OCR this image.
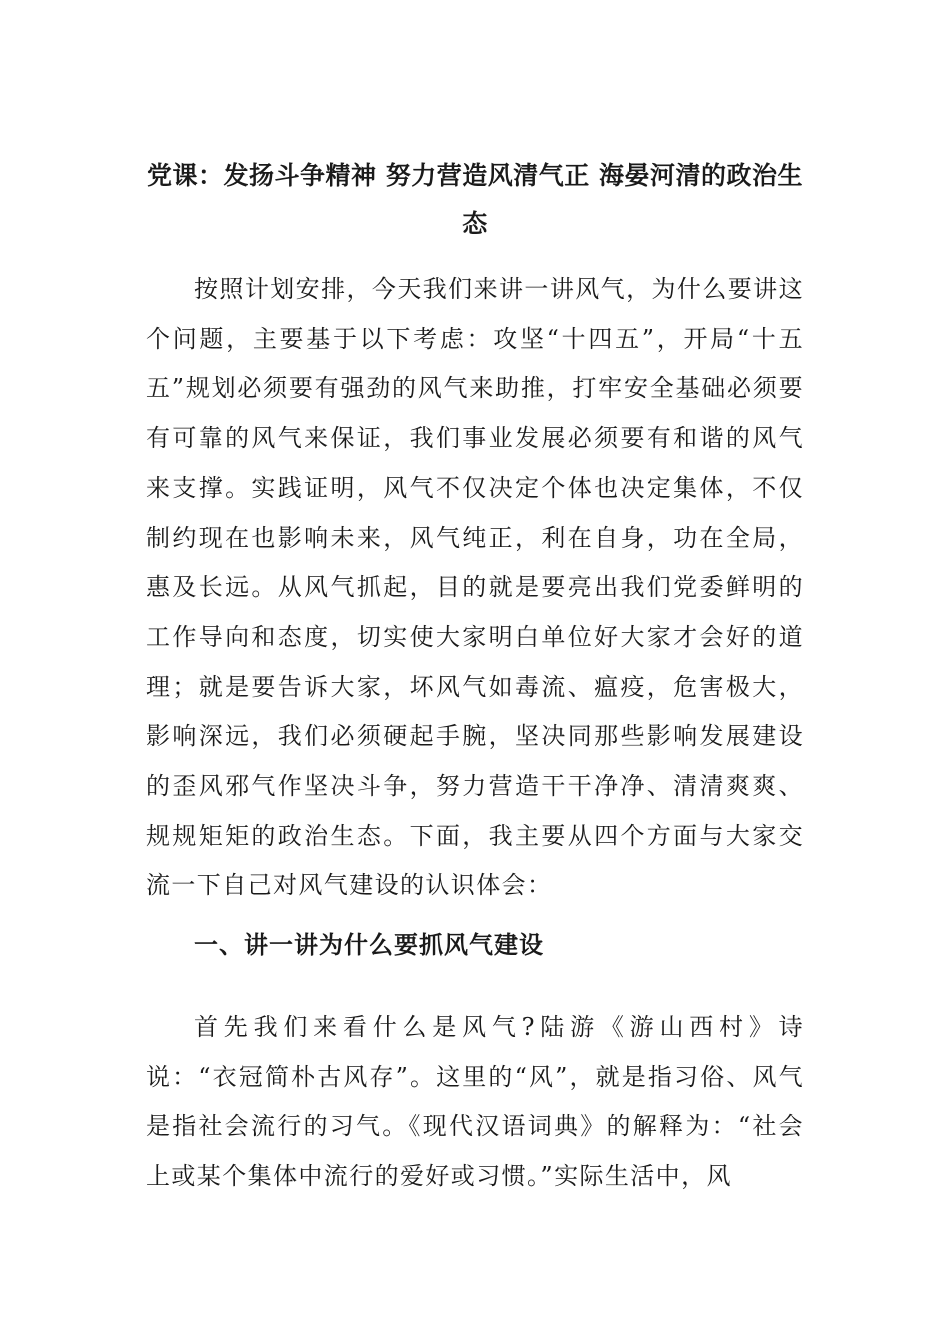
党课：发扬斗争精神 努力营造风清气正 海晏河清的政治生态

按照计划安排，今天我们来讲一讲风气，为什么要讲这个问题，主要基于以下考虑：攻坚“十四五”，开局“十五五”规划必须要有强劲的风气来助推，打牢安全基础必须要有可靠的风气来保证，我们事业发展必须要有和谐的风气来支撑。实践证明，风气不仅决定个体也决定集体，不仅制约现在也影响未来，风气纯正，利在自身，功在全局，惠及长远。从风气抓起，目的就是要亮出我们党委鲜明的工作导向和态度，切实使大家明白单位好大家才会好的道理；就是要告诉大家，坏风气如毒流、瘟疫，危害极大，影响深远，我们必须硬起手腕，坚决同那些影响发展建设的歪风邪气作坚决斗争，努力营造干干净净、清清爽爽、规规矩矩的政治生态。下面，我主要从四个方面与大家交流一下自己对风气建设的认识体会：

一、讲一讲为什么要抓风气建设

首先我们来看什么是风气?陆游《游山西村》诗说：“衣冠简朴古风存”。这里的“风”，就是指习俗、风气是指社会流行的习气。《现代汉语词典》的解释为：“社会上或某个集体中流行的爱好或习惯。”实际生活中，风
